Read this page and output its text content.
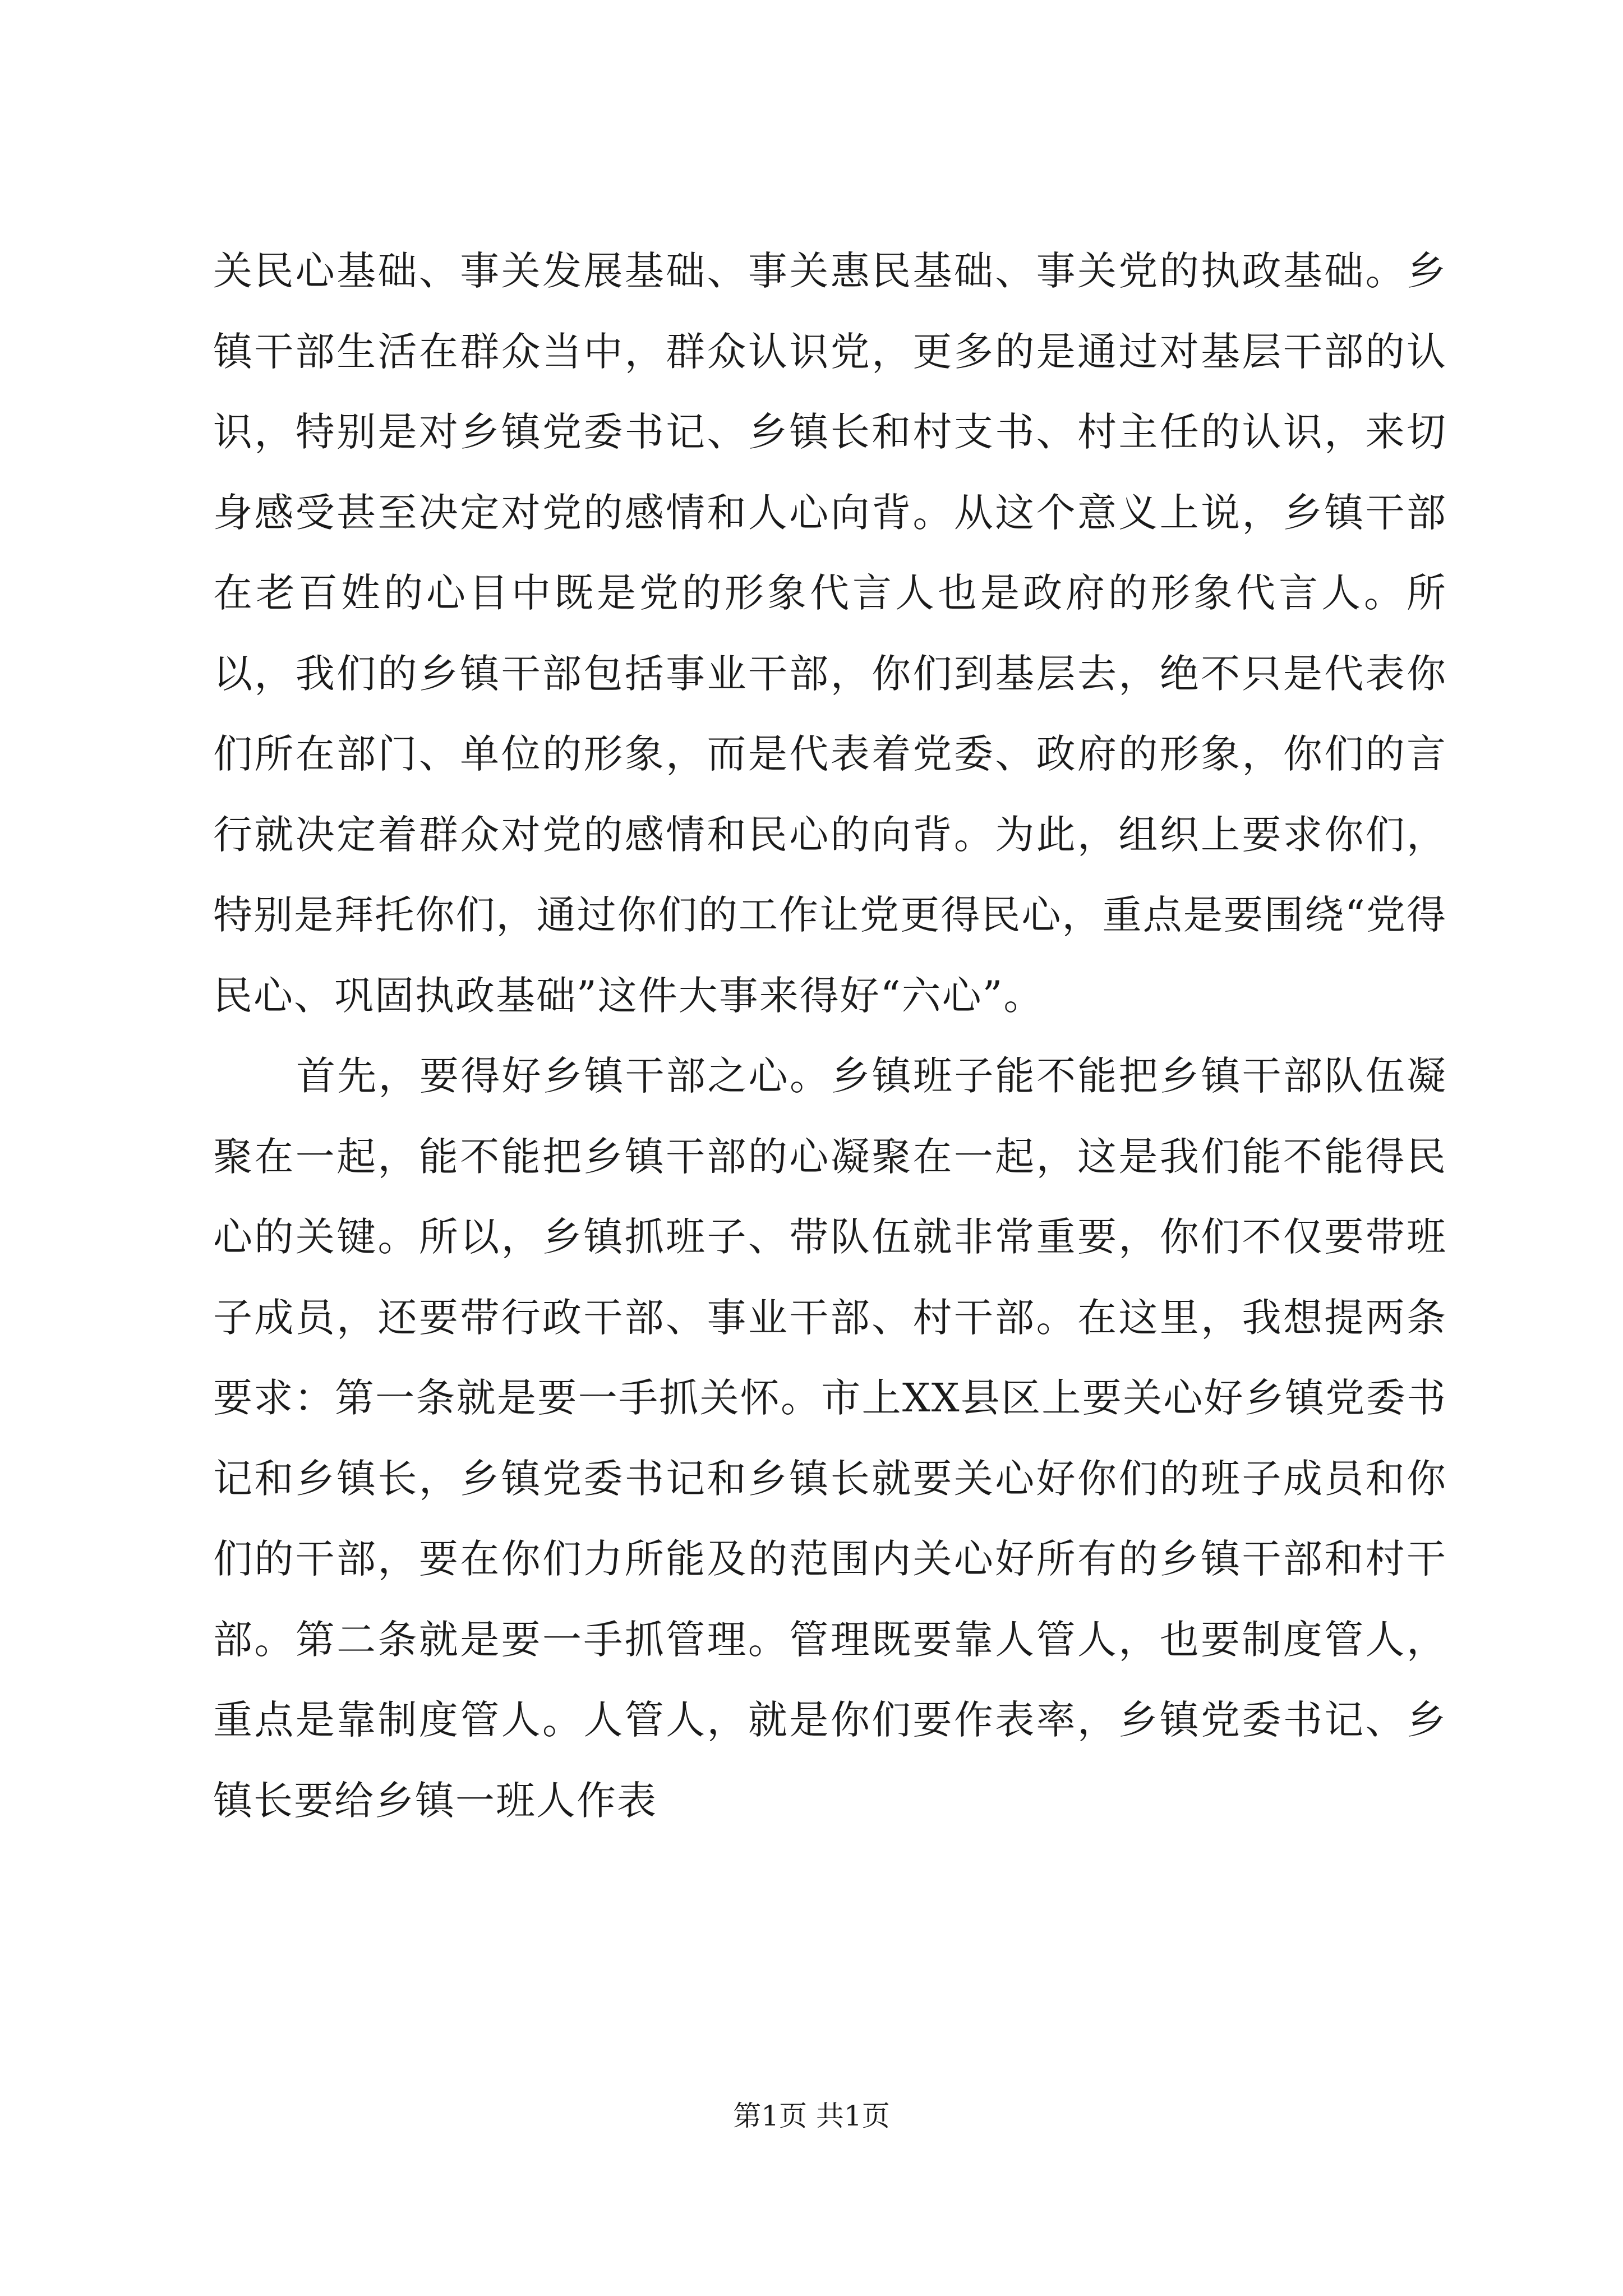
关民心基础、事关发展基础、事关惠民基础、事关党的执政基础。乡镇干部生活在群众当中，群众认识党，更多的是通过对基层干部的认识，特别是对乡镇党委书记、乡镇长和村支书、村主任的认识，来切身感受甚至决定对党的感情和人心向背。从这个意义上说，乡镇干部在老百姓的心目中既是党的形象代言人也是政府的形象代言人。所以，我们的乡镇干部包括事业干部，你们到基层去，绝不只是代表你们所在部门、单位的形象，而是代表着党委、政府的形象，你们的言行就决定着群众对党的感情和民心的向背。为此，组织上要求你们，特别是拜托你们，通过你们的工作让党更得民心，重点是要围绕“党得民心、巩固执政基础”这件大事来得好“六心”。

首先，要得好乡镇干部之心。乡镇班子能不能把乡镇干部队伍凝聚在一起，能不能把乡镇干部的心凝聚在一起，这是我们能不能得民心的关键。所以，乡镇抓班子、带队伍就非常重要，你们不仅要带班子成员，还要带行政干部、事业干部、村干部。在这里，我想提两条要求：第一条就是要一手抓关怀。市上XX县区上要关心好乡镇党委书记和乡镇长，乡镇党委书记和乡镇长就要关心好你们的班子成员和你们的干部，要在你们力所能及的范围内关心好所有的乡镇干部和村干部。第二条就是要一手抓管理。管理既要靠人管人，也要制度管人，重点是靠制度管人。人管人，就是你们要作表率，乡镇党委书记、乡镇长要给乡镇一班人作表

第1页 共1页
